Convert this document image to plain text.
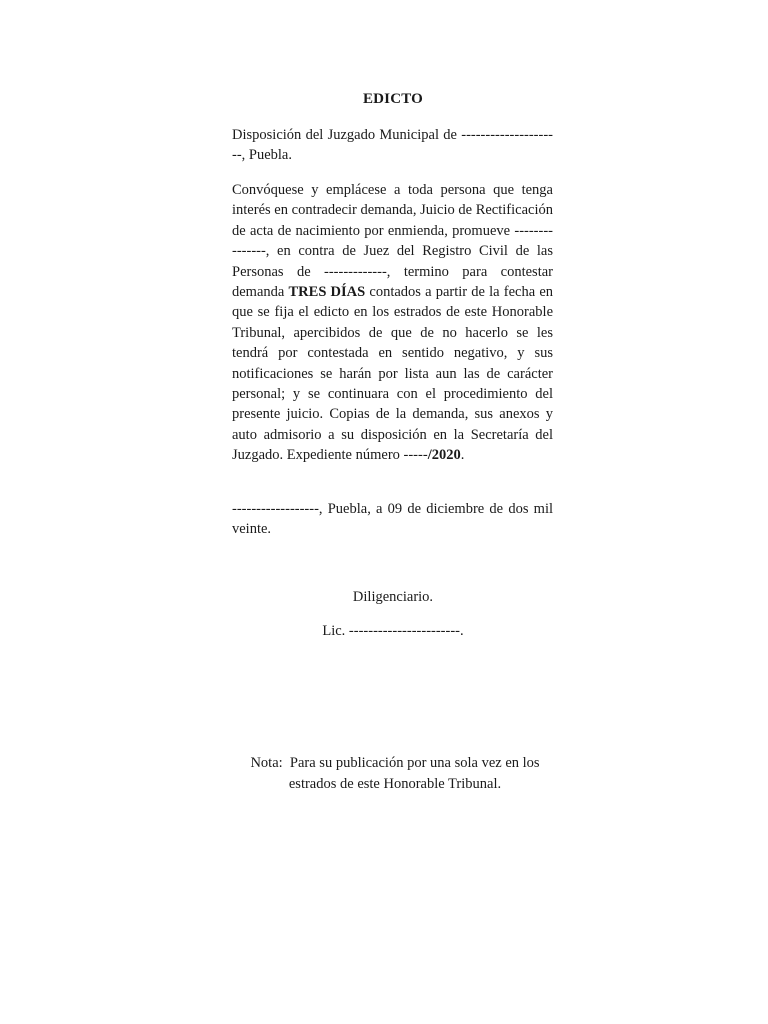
EDICTO

Disposición del Juzgado Municipal de ---------------------, Puebla.

Convóquese y emplácese a toda persona que tenga interés en contradecir demanda, Juicio de Rectificación de acta de nacimiento por enmienda, promueve ---------------, en contra de Juez del Registro Civil de las Personas de -------------, termino para contestar demanda TRES DÍAS contados a partir de la fecha en que se fija el edicto en los estrados de este Honorable Tribunal, apercibidos de que de no hacerlo se les tendrá por contestada en sentido negativo, y sus notificaciones se harán por lista aun las de carácter personal; y se continuara con el procedimiento del presente juicio. Copias de la demanda, sus anexos y auto admisorio a su disposición en la Secretaría del Juzgado. Expediente número -----/2020.

------------------, Puebla, a 09 de diciembre de dos mil veinte.

Diligenciario.
Lic. -----------------------.
Nota: Para su publicación por una sola vez en los
estrados de este Honorable Tribunal.
